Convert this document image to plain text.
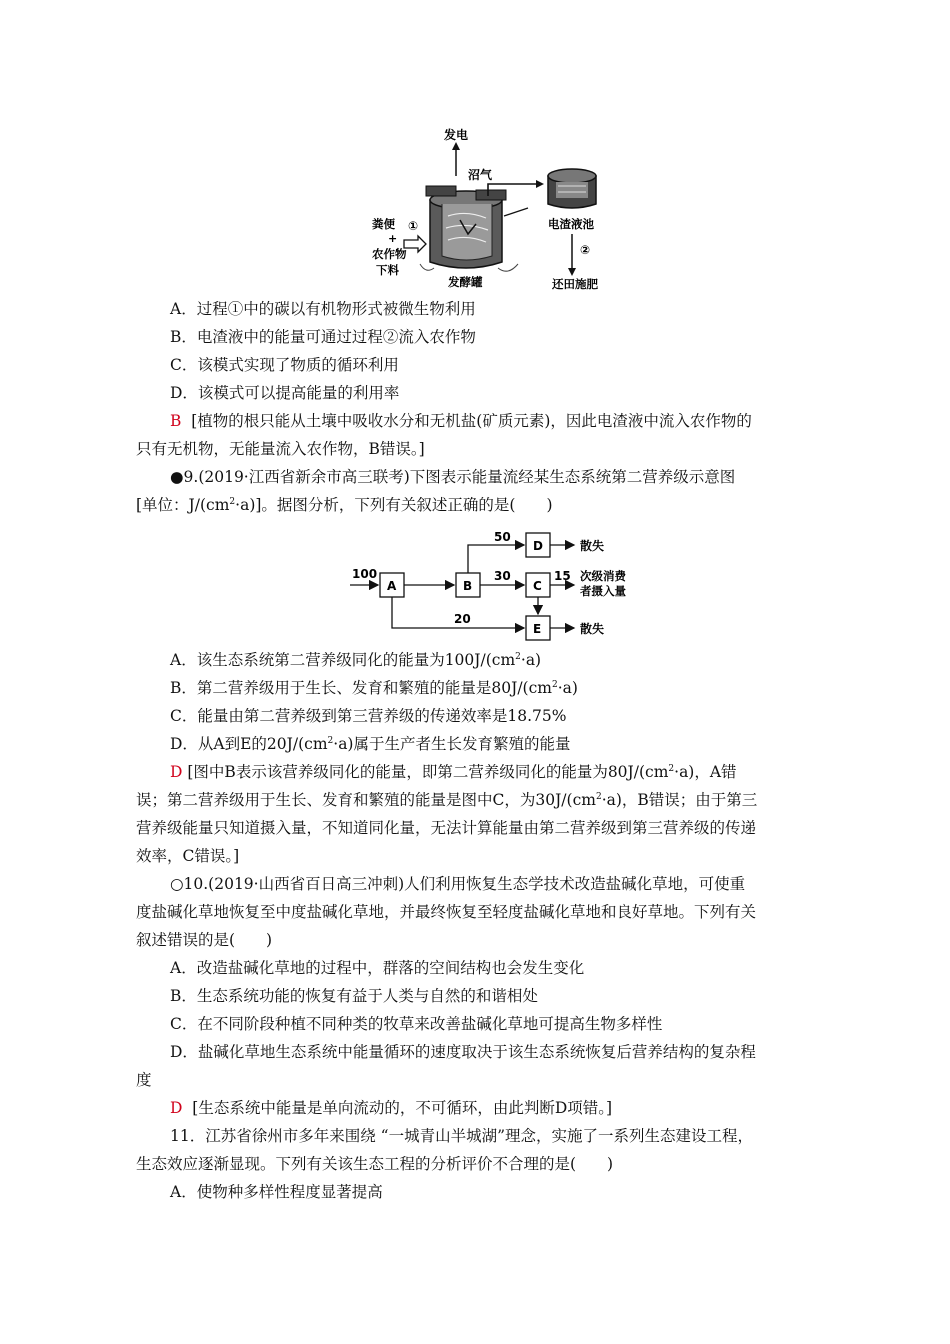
发电
沼气
电渣液池
②
还田施肥
粪便
+
农作物
下料
①
发酵罐
A．过程①中的碳以有机物形式被微生物利用
B．电渣液中的能量可通过过程②流入农作物
C．该模式实现了物质的循环利用
D．该模式可以提高能量的利用率
B [植物的根只能从土壤中吸收水分和无机盐(矿质元素)，因此电渣液中流入农作物的
只有无机物，无能量流入农作物，B错误。]
●9.(2019·江西省新余市高三联考)下图表示能量流经某生态系统第二营养级示意图
[单位：$J/(cm^2\cdot a)$]。据图分析，下列有关叙述正确的是(　　)
100
A	B
50
D	散失
30
C
15 次级消费
者摄入量
20
E	散失
A．该生态系统第二营养级同化的能量为$100J/(cm^2\cdot a)$
B．第二营养级用于生长、发育和繁殖的能量是$80J/(cm^2\cdot a)$
C．能量由第二营养级到第三营养级的传递效率是18.75%
D．从A到E的$20J/(cm^2\cdot a)$属于生产者生长发育繁殖的能量
D [图中B表示该营养级同化的能量，即第二营养级同化的能量为$80J/(cm^2\cdot a)$，A错
误；第二营养级用于生长、发育和繁殖的能量是图中C，为$30J/(cm^2\cdot a)$，B错误；由于第三
营养级能量只知道摄入量，不知道同化量，无法计算能量由第二营养级到第三营养级的传递
效率，C错误。]
○10.(2019·山西省百日高三冲刺)人们利用恢复生态学技术改造盐碱化草地，可使重
度盐碱化草地恢复至中度盐碱化草地，并最终恢复至轻度盐碱化草地和良好草地。下列有关
叙述错误的是(　　)
A．改造盐碱化草地的过程中，群落的空间结构也会发生变化
B．生态系统功能的恢复有益于人类与自然的和谐相处
C．在不同阶段种植不同种类的牧草来改善盐碱化草地可提高生物多样性
D．盐碱化草地生态系统中能量循环的速度取决于该生态系统恢复后营养结构的复杂程
度
D [生态系统中能量是单向流动的，不可循环，由此判断D项错。]
11．江苏省徐州市多年来围绕 “一城青山半城湖”理念，实施了一系列生态建设工程，
生态效应逐渐显现。下列有关该生态工程的分析评价不合理的是(　　)
A．使物种多样性程度显著提高
